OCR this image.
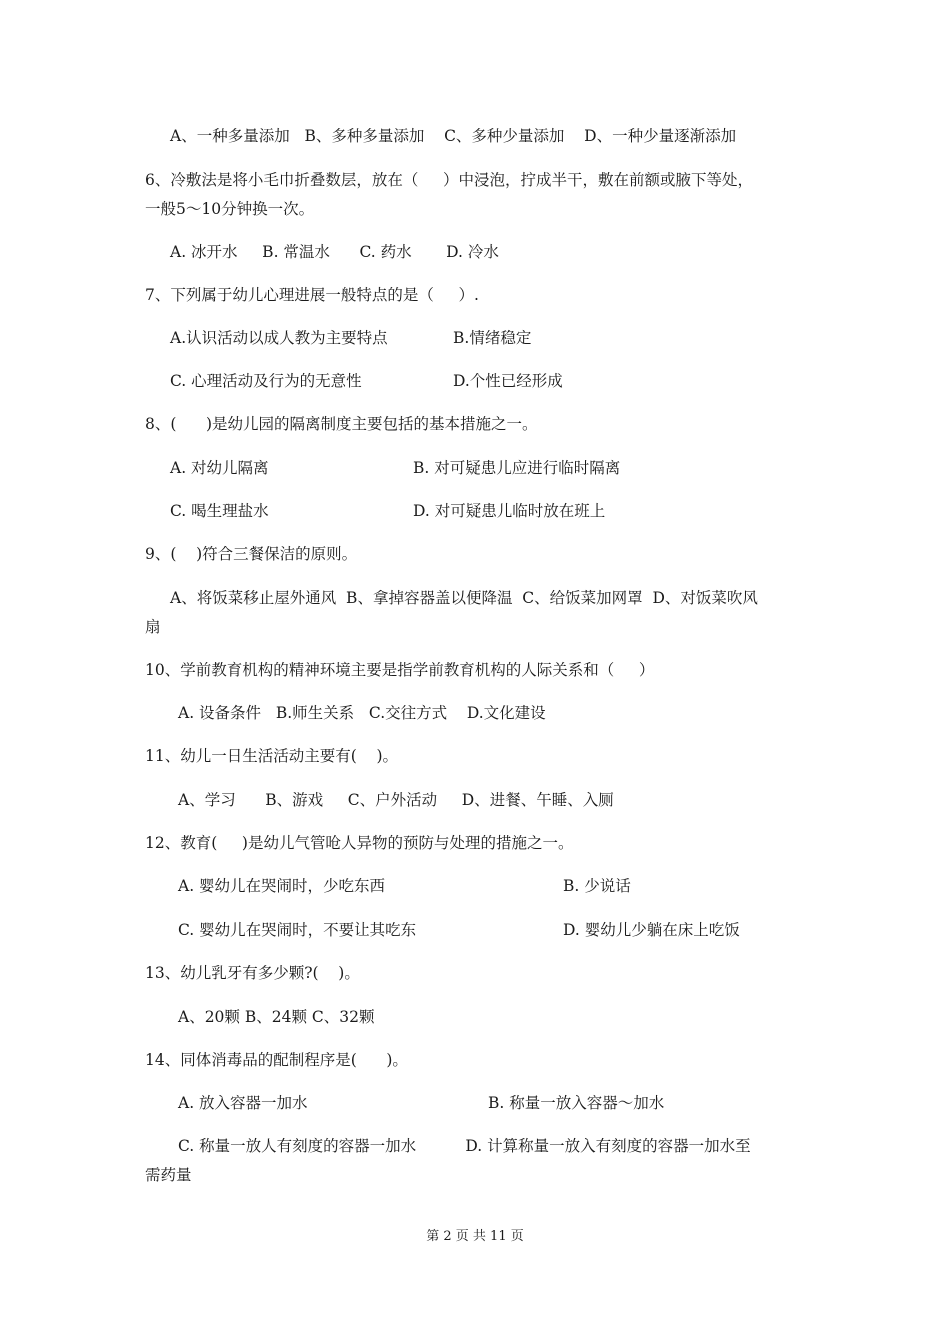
A、一种多量添加   B、多种多量添加    C、多种少量添加    D、一种少量逐渐添加
6、冷敷法是将小毛巾折叠数层，放在（     ）中浸泡，拧成半干，敷在前额或腋下等处，
一般5～10分钟换一次。
A. 冰开水     B. 常温水      C. 药水       D. 冷水
7、下列属于幼儿心理进展一般特点的是（     ）.
A.认识活动以成人教为主要特点	B.情绪稳定
C. 心理活动及行为的无意性	D.个性已经形成
8、(      )是幼儿园的隔离制度主要包括的基本措施之一。
A. 对幼儿隔离	B. 对可疑患儿应进行临时隔离
C. 喝生理盐水	D. 对可疑患儿临时放在班上
9、(    )符合三餐保洁的原则。
A、将饭菜移止屋外通风  B、拿掉容器盖以便降温  C、给饭菜加网罩  D、对饭菜吹风
扇
10、学前教育机构的精神环境主要是指学前教育机构的人际关系和（     ）
A. 设备条件   B.师生关系   C.交往方式    D.文化建设
11、幼儿一日生活活动主要有(    )。
A、学习      B、游戏     C、户外活动     D、进餐、午睡、入厕
12、教育(     )是幼儿气管呛人异物的预防与处理的措施之一。
A. 婴幼儿在哭闹时，少吃东西	B. 少说话
C. 婴幼儿在哭闹时，不要让其吃东	D. 婴幼儿少躺在床上吃饭
13、幼儿乳牙有多少颗?(    )。
A、20颗 B、24颗 C、32颗
14、同体消毒品的配制程序是(      )。
A. 放入容器一加水	B. 称量一放入容器～加水
C. 称量一放人有刻度的容器一加水          D. 计算称量一放入有刻度的容器一加水至
需药量
第 2 页 共 11 页
